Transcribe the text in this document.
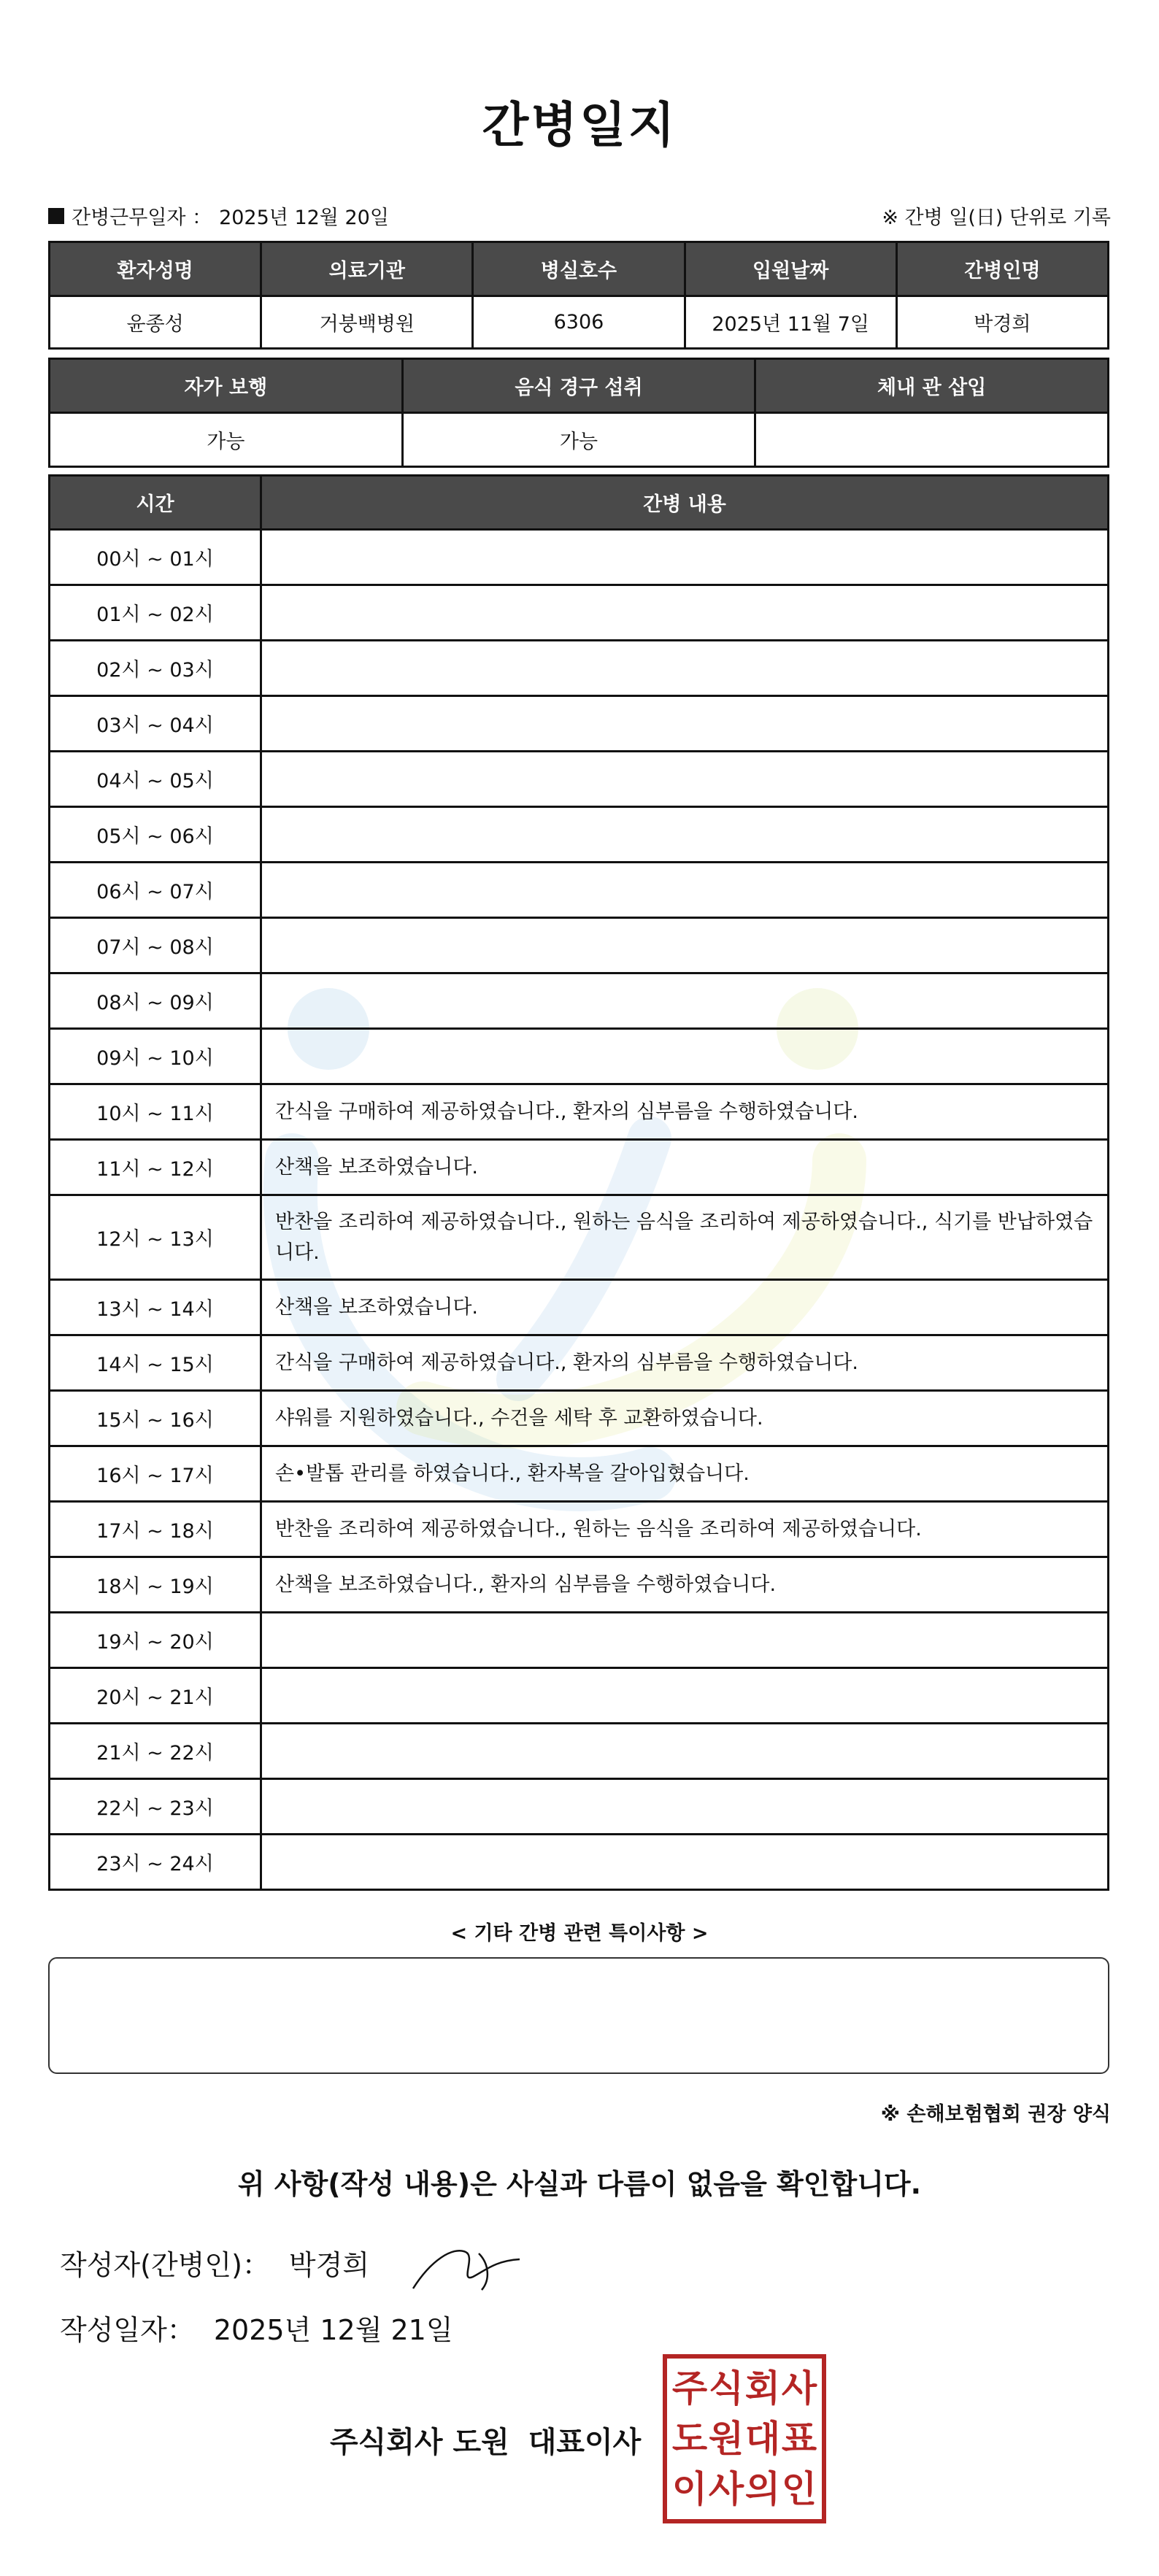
간병일지
간병근무일자 ： 2025년 12월 20일	※ 간병 일(日) 단위로 기록
환자성명	의료기관	병실호수	입원날짜	간병인명
윤종성	거붕백병원	6306	2025년 11월 7일	박경희
자가 보행	음식 경구 섭취	체내 관 삽입
가능	가능	
시간	간병 내용
00시 ~ 01시	
01시 ~ 02시	
02시 ~ 03시	
03시 ~ 04시	
04시 ~ 05시	
05시 ~ 06시	
06시 ~ 07시	
07시 ~ 08시	
08시 ~ 09시	
09시 ~ 10시	
10시 ~ 11시	간식을 구매하여 제공하였습니다., 환자의 심부름을 수행하였습니다.
11시 ~ 12시	산책을 보조하였습니다.
12시 ~ 13시	반찬을 조리하여 제공하였습니다., 원하는 음식을 조리하여 제공하였습니다., 식기를 반납하였습니다.
13시 ~ 14시	산책을 보조하였습니다.
14시 ~ 15시	간식을 구매하여 제공하였습니다., 환자의 심부름을 수행하였습니다.
15시 ~ 16시	샤워를 지원하였습니다., 수건을 세탁 후 교환하였습니다.
16시 ~ 17시	손•발톱 관리를 하였습니다., 환자복을 갈아입혔습니다.
17시 ~ 18시	반찬을 조리하여 제공하였습니다., 원하는 음식을 조리하여 제공하였습니다.
18시 ~ 19시	산책을 보조하였습니다., 환자의 심부름을 수행하였습니다.
19시 ~ 20시	
20시 ~ 21시	
21시 ~ 22시	
22시 ~ 23시	
23시 ~ 24시	
< 기타 간병 관련 특이사항 >
※ 손해보험협회 권장 양식
위 사항(작성 내용)은 사실과 다름이 없음을 확인합니다.
작성자(간병인)： 박경희
작성일자： 2025년 12월 21일
주식회사 도원 대표이사
주 식 회 사
도 원 대 표
이 사 의 인
